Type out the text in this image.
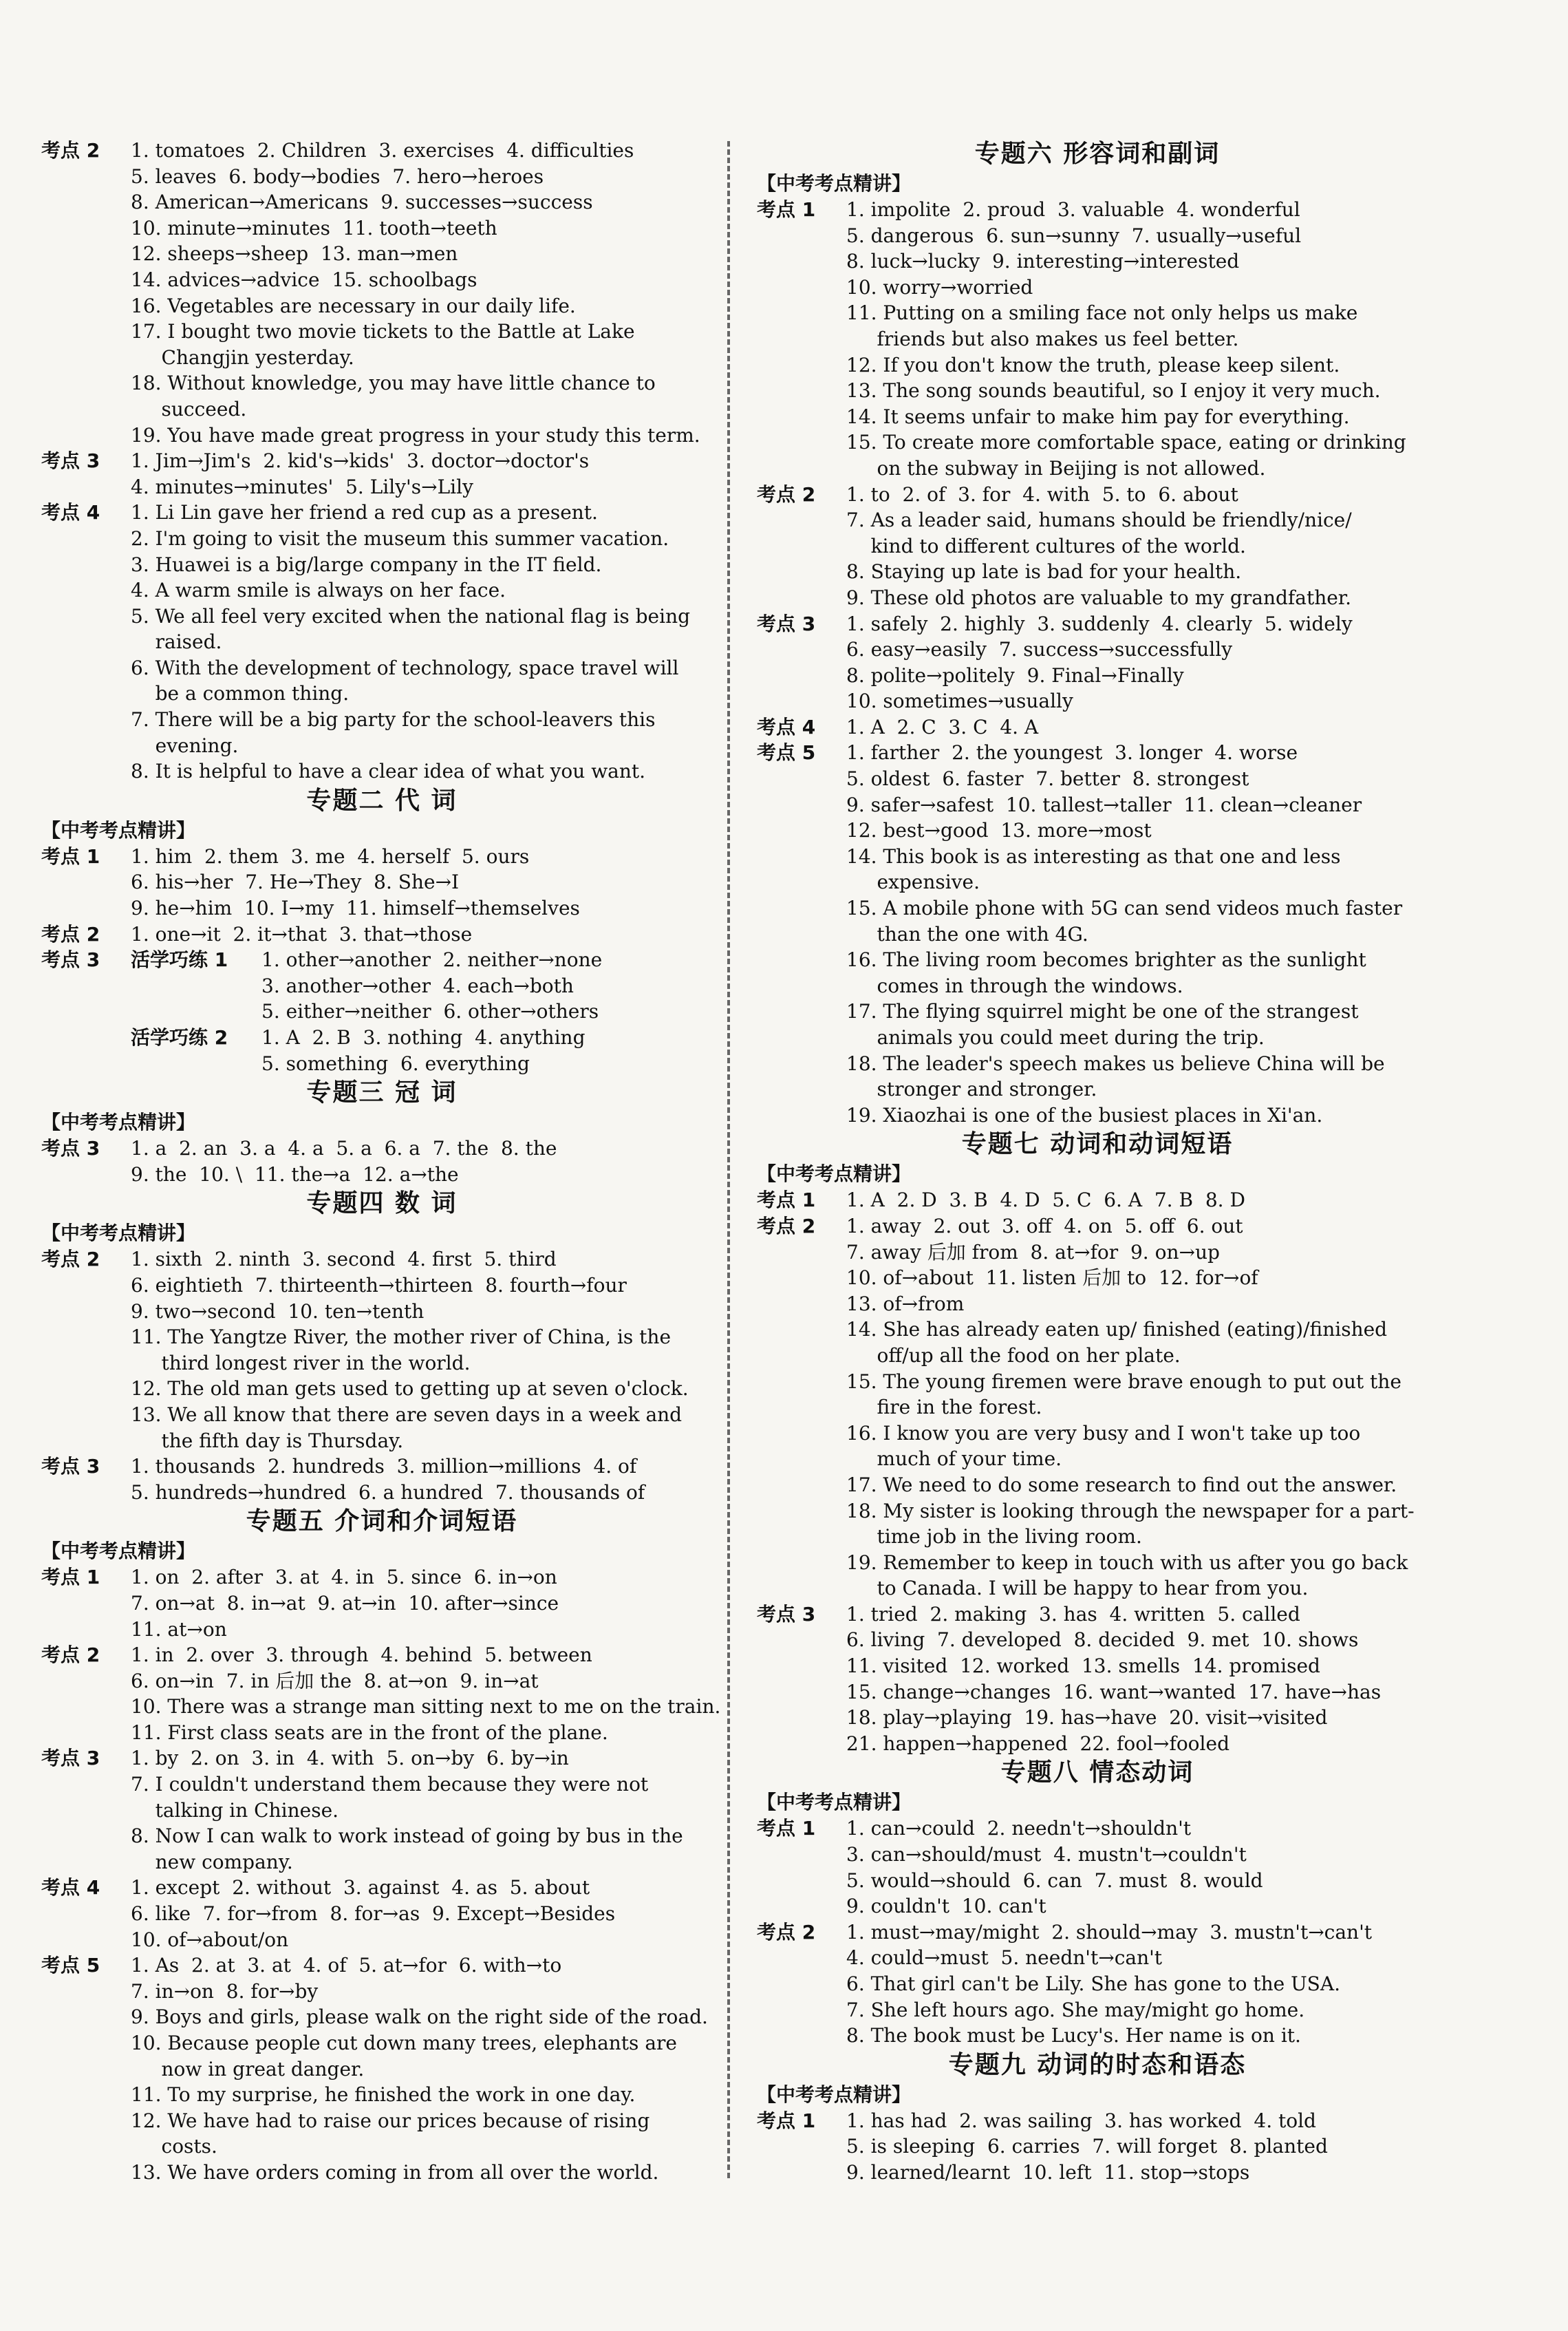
考点 2	1. tomatoes  2. Children  3. exercises  4. difficulties
5. leaves  6. body→bodies  7. hero→heroes
8. American→Americans  9. successes→success
10. minute→minutes  11. tooth→teeth
12. sheeps→sheep  13. man→men
14. advices→advice  15. schoolbags
16. Vegetables are necessary in our daily life.
17. I bought two movie tickets to the Battle at Lake
Changjin yesterday.
18. Without knowledge, you may have little chance to
succeed.
19. You have made great progress in your study this term.
考点 3	1. Jim→Jim's  2. kid's→kids'  3. doctor→doctor's
4. minutes→minutes'  5. Lily's→Lily
考点 4	1. Li Lin gave her friend a red cup as a present.
2. I'm going to visit the museum this summer vacation.
3. Huawei is a big/large company in the IT field.
4. A warm smile is always on her face.
5. We all feel very excited when the national flag is being
raised.
6. With the development of technology, space travel will
be a common thing.
7. There will be a big party for the school-leavers this
evening.
8. It is helpful to have a clear idea of what you want.
专题二 代 词
【中考考点精讲】
考点 1	1. him  2. them  3. me  4. herself  5. ours
6. his→her  7. He→They  8. She→I
9. he→him  10. I→my  11. himself→themselves
考点 2	1. one→it  2. it→that  3. that→those
考点 3	活学巧练 1	1. other→another  2. neither→none
3. another→other  4. each→both
5. either→neither  6. other→others
活学巧练 2	1. A  2. B  3. nothing  4. anything
5. something  6. everything
专题三 冠 词
【中考考点精讲】
考点 3	1. a  2. an  3. a  4. a  5. a  6. a  7. the  8. the
9. the  10. \  11. the→a  12. a→the
专题四 数 词
【中考考点精讲】
考点 2	1. sixth  2. ninth  3. second  4. first  5. third
6. eightieth  7. thirteenth→thirteen  8. fourth→four
9. two→second  10. ten→tenth
11. The Yangtze River, the mother river of China, is the
third longest river in the world.
12. The old man gets used to getting up at seven o'clock.
13. We all know that there are seven days in a week and
the fifth day is Thursday.
考点 3	1. thousands  2. hundreds  3. million→millions  4. of
5. hundreds→hundred  6. a hundred  7. thousands of
专题五 介词和介词短语
【中考考点精讲】
考点 1	1. on  2. after  3. at  4. in  5. since  6. in→on
7. on→at  8. in→at  9. at→in  10. after→since
11. at→on
考点 2	1. in  2. over  3. through  4. behind  5. between
6. on→in  7. in 后加 the  8. at→on  9. in→at
10. There was a strange man sitting next to me on the train.
11. First class seats are in the front of the plane.
考点 3	1. by  2. on  3. in  4. with  5. on→by  6. by→in
7. I couldn't understand them because they were not
talking in Chinese.
8. Now I can walk to work instead of going by bus in the
new company.
考点 4	1. except  2. without  3. against  4. as  5. about
6. like  7. for→from  8. for→as  9. Except→Besides
10. of→about/on
考点 5	1. As  2. at  3. at  4. of  5. at→for  6. with→to
7. in→on  8. for→by
9. Boys and girls, please walk on the right side of the road.
10. Because people cut down many trees, elephants are
now in great danger.
11. To my surprise, he finished the work in one day.
12. We have had to raise our prices because of rising
costs.
13. We have orders coming in from all over the world.
专题六 形容词和副词
【中考考点精讲】
考点 1	1. impolite  2. proud  3. valuable  4. wonderful
5. dangerous  6. sun→sunny  7. usually→useful
8. luck→lucky  9. interesting→interested
10. worry→worried
11. Putting on a smiling face not only helps us make
friends but also makes us feel better.
12. If you don't know the truth, please keep silent.
13. The song sounds beautiful, so I enjoy it very much.
14. It seems unfair to make him pay for everything.
15. To create more comfortable space, eating or drinking
on the subway in Beijing is not allowed.
考点 2	1. to  2. of  3. for  4. with  5. to  6. about
7. As a leader said, humans should be friendly/nice/
kind to different cultures of the world.
8. Staying up late is bad for your health.
9. These old photos are valuable to my grandfather.
考点 3	1. safely  2. highly  3. suddenly  4. clearly  5. widely
6. easy→easily  7. success→successfully
8. polite→politely  9. Final→Finally
10. sometimes→usually
考点 4	1. A  2. C  3. C  4. A
考点 5	1. farther  2. the youngest  3. longer  4. worse
5. oldest  6. faster  7. better  8. strongest
9. safer→safest  10. tallest→taller  11. clean→cleaner
12. best→good  13. more→most
14. This book is as interesting as that one and less
expensive.
15. A mobile phone with 5G can send videos much faster
than the one with 4G.
16. The living room becomes brighter as the sunlight
comes in through the windows.
17. The flying squirrel might be one of the strangest
animals you could meet during the trip.
18. The leader's speech makes us believe China will be
stronger and stronger.
19. Xiaozhai is one of the busiest places in Xi'an.
专题七 动词和动词短语
【中考考点精讲】
考点 1	1. A  2. D  3. B  4. D  5. C  6. A  7. B  8. D
考点 2	1. away  2. out  3. off  4. on  5. off  6. out
7. away 后加 from  8. at→for  9. on→up
10. of→about  11. listen 后加 to  12. for→of
13. of→from
14. She has already eaten up/ finished (eating)/finished
off/up all the food on her plate.
15. The young firemen were brave enough to put out the
fire in the forest.
16. I know you are very busy and I won't take up too
much of your time.
17. We need to do some research to find out the answer.
18. My sister is looking through the newspaper for a part-
time job in the living room.
19. Remember to keep in touch with us after you go back
to Canada. I will be happy to hear from you.
考点 3	1. tried  2. making  3. has  4. written  5. called
6. living  7. developed  8. decided  9. met  10. shows
11. visited  12. worked  13. smells  14. promised
15. change→changes  16. want→wanted  17. have→has
18. play→playing  19. has→have  20. visit→visited
21. happen→happened  22. fool→fooled
专题八 情态动词
【中考考点精讲】
考点 1	1. can→could  2. needn't→shouldn't
3. can→should/must  4. mustn't→couldn't
5. would→should  6. can  7. must  8. would
9. couldn't  10. can't
考点 2	1. must→may/might  2. should→may  3. mustn't→can't
4. could→must  5. needn't→can't
6. That girl can't be Lily. She has gone to the USA.
7. She left hours ago. She may/might go home.
8. The book must be Lucy's. Her name is on it.
专题九 动词的时态和语态
【中考考点精讲】
考点 1	1. has had  2. was sailing  3. has worked  4. told
5. is sleeping  6. carries  7. will forget  8. planted
9. learned/learnt  10. left  11. stop→stops
